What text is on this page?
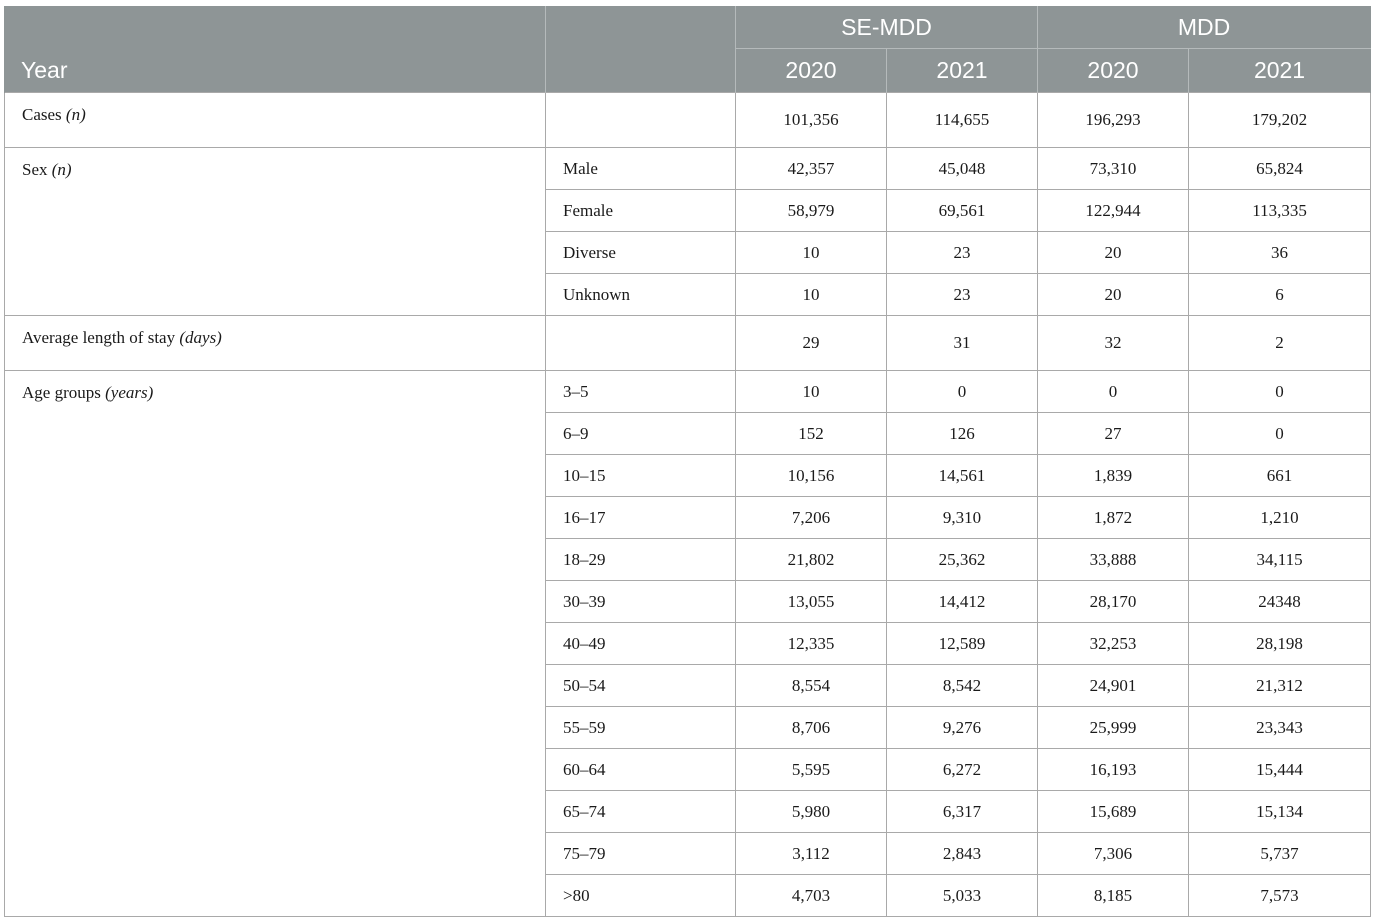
Year		SE-MDD		MDD	
		2020	2021	2020	2021
Cases (n)		101,356	114,655	196,293	179,202
Sex (n)	Male	42,357	45,048	73,310	65,824
	Female	58,979	69,561	122,944	113,335
	Diverse	10	23	20	36
	Unknown	10	23	20	6
Average length of stay (days)		29	31	32	2
Age groups (years)	3–5	10	0	0	0
	6–9	152	126	27	0
	10–15	10,156	14,561	1,839	661
	16–17	7,206	9,310	1,872	1,210
	18–29	21,802	25,362	33,888	34,115
	30–39	13,055	14,412	28,170	24348
	40–49	12,335	12,589	32,253	28,198
	50–54	8,554	8,542	24,901	21,312
	55–59	8,706	9,276	25,999	23,343
	60–64	5,595	6,272	16,193	15,444
	65–74	5,980	6,317	15,689	15,134
	75–79	3,112	2,843	7,306	5,737
	>80	4,703	5,033	8,185	7,573
